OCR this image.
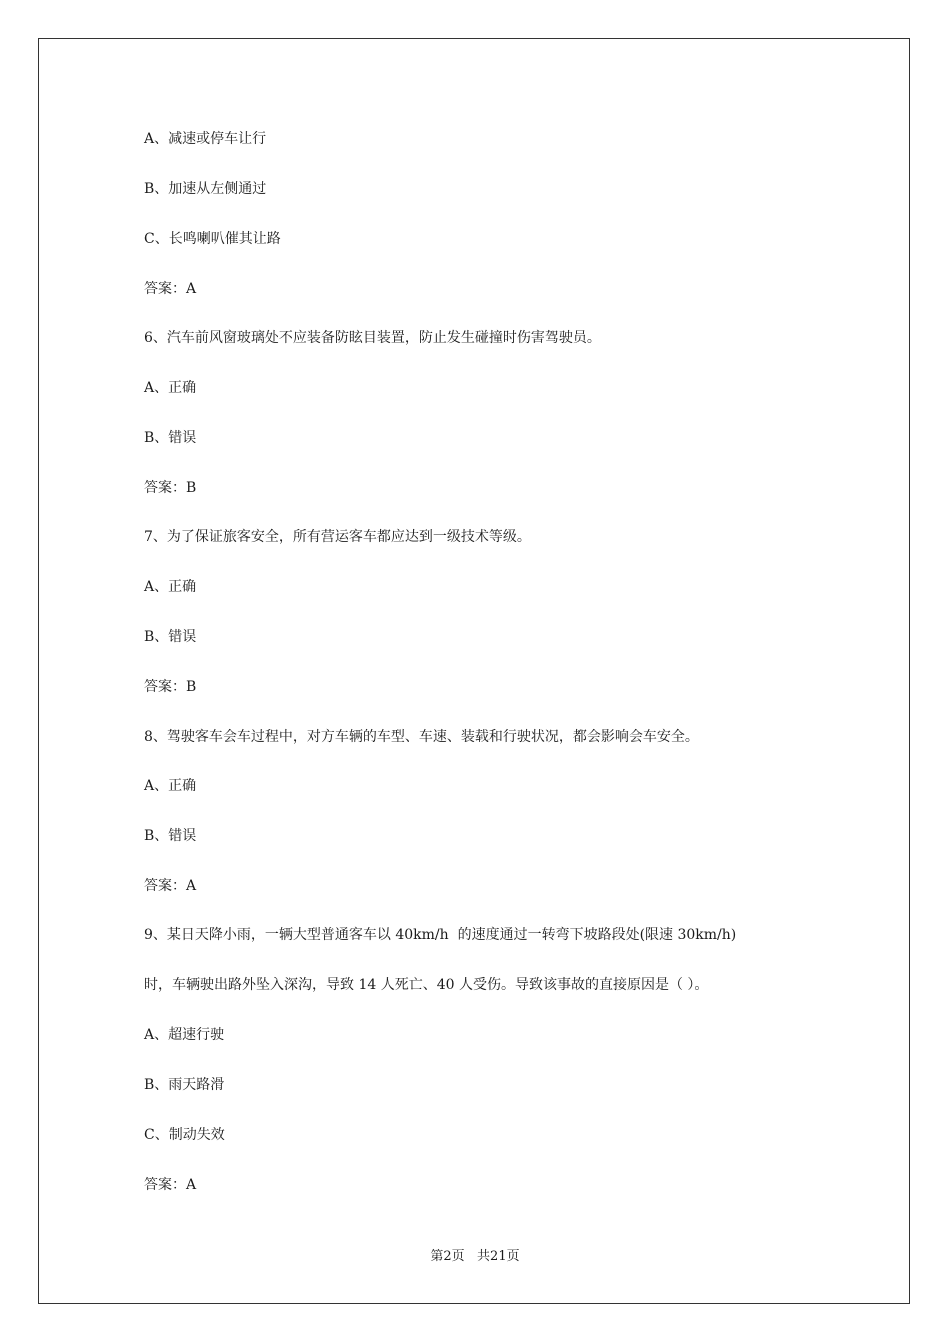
A、减速或停车让行
B、加速从左侧通过
C、长鸣喇叭催其让路
答案：A
6、汽车前风窗玻璃处不应装备防眩目装置，防止发生碰撞时伤害驾驶员。
A、正确
B、错误
答案：B
7、为了保证旅客安全，所有营运客车都应达到一级技术等级。
A、正确
B、错误
答案：B
8、驾驶客车会车过程中，对方车辆的车型、车速、装载和行驶状况，都会影响会车安全。
A、正确
B、错误
答案：A
9、某日天降小雨，一辆大型普通客车以 40km/h  的速度通过一转弯下坡路段处(限速 30km/h)
时，车辆驶出路外坠入深沟，导致 14 人死亡、40 人受伤。导致该事故的直接原因是（ ）。
A、超速行驶
B、雨天路滑
C、制动失效
答案：A
第2页   共21页
